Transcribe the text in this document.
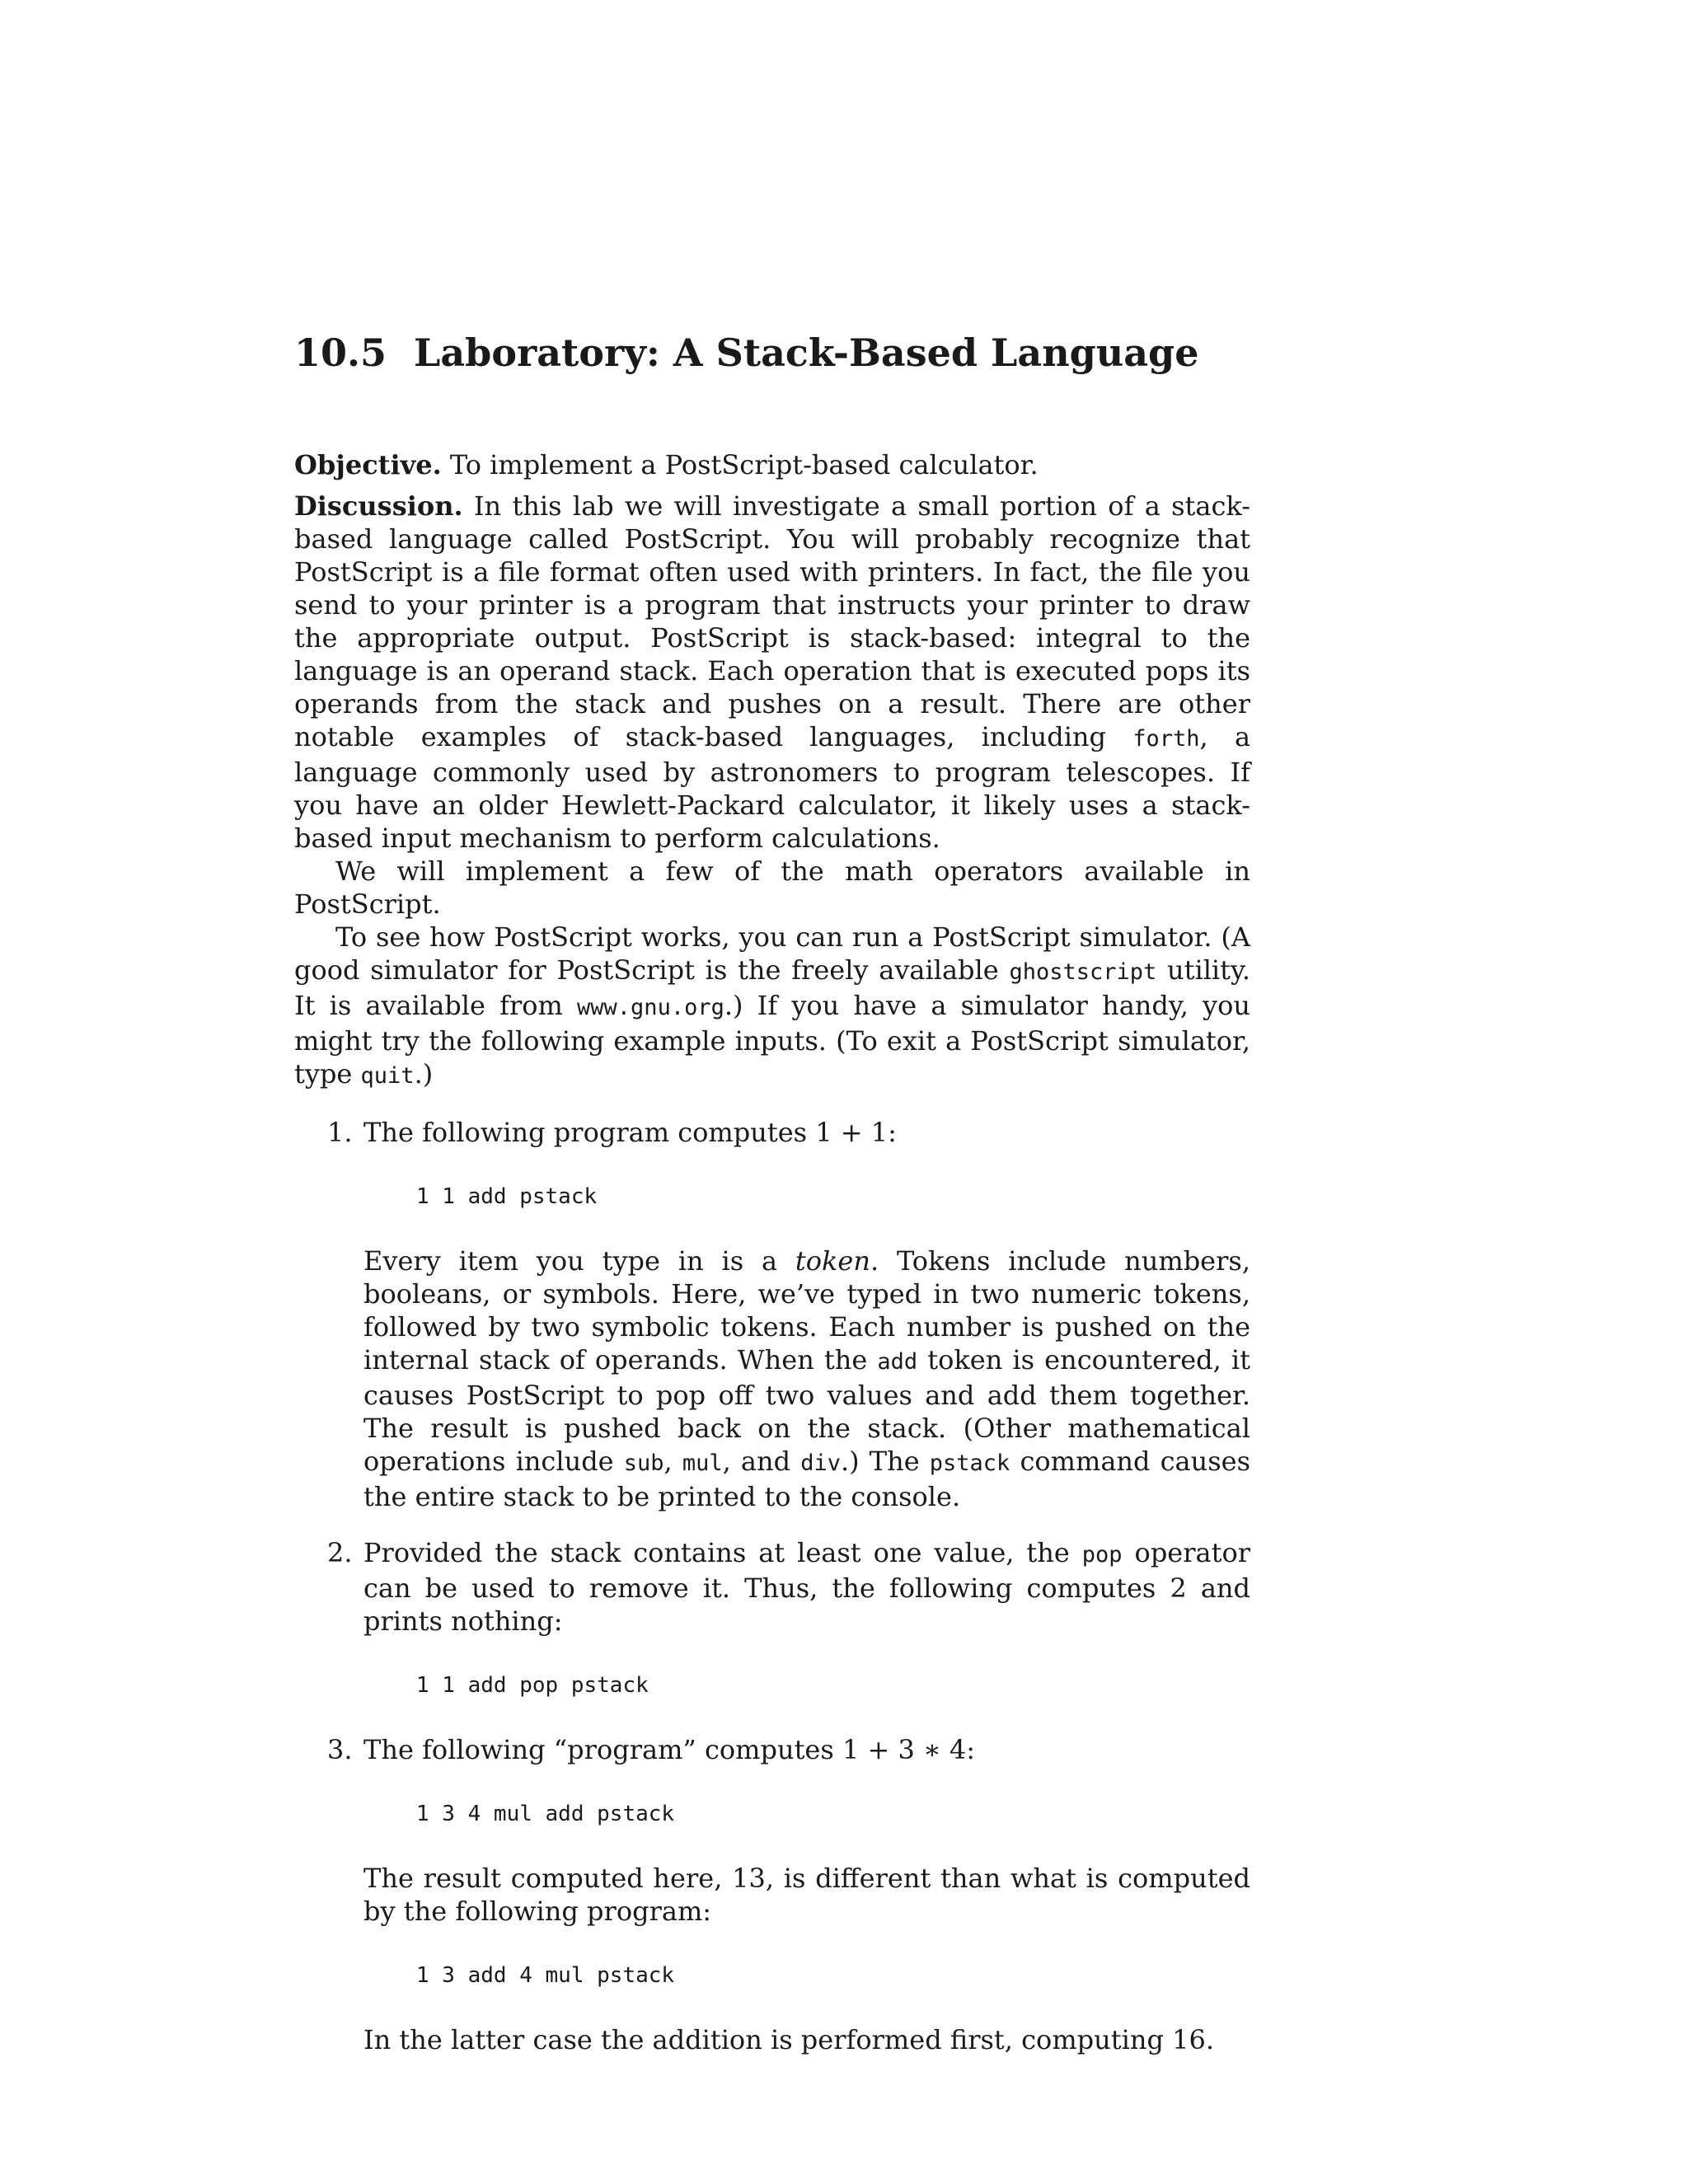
10.5 Laboratory: A Stack-Based Language

Objective. To implement a PostScript-based calculator.

Discussion. In this lab we will investigate a small portion of a stack-based language called PostScript. You will probably recognize that PostScript is a file format often used with printers. In fact, the file you send to your printer is a program that instructs your printer to draw the appropriate output. PostScript is stack-based: integral to the language is an operand stack. Each operation that is executed pops its operands from the stack and pushes on a result. There are other notable examples of stack-based languages, including forth, a language commonly used by astronomers to program telescopes. If you have an older Hewlett-Packard calculator, it likely uses a stack-based input mechanism to perform calculations.

We will implement a few of the math operators available in PostScript.

To see how PostScript works, you can run a PostScript simulator. (A good simulator for PostScript is the freely available ghostscript utility. It is available from www.gnu.org.) If you have a simulator handy, you might try the following example inputs. (To exit a PostScript simulator, type quit.)

1. The following program computes 1 + 1:

1 1 add pstack

Every item you type in is a token. Tokens include numbers, booleans, or symbols. Here, we’ve typed in two numeric tokens, followed by two symbolic tokens. Each number is pushed on the internal stack of operands. When the add token is encountered, it causes PostScript to pop off two values and add them together. The result is pushed back on the stack. (Other mathematical operations include sub, mul, and div.) The pstack command causes the entire stack to be printed to the console.

2. Provided the stack contains at least one value, the pop operator can be used to remove it. Thus, the following computes 2 and prints nothing:

1 1 add pop pstack
3. The following “program” computes 1 + 3 ∗ 4:

1 3 4 mul add pstack

The result computed here, 13, is different than what is computed by the following program:

1 3 add 4 mul pstack

In the latter case the addition is performed first, computing 16.
